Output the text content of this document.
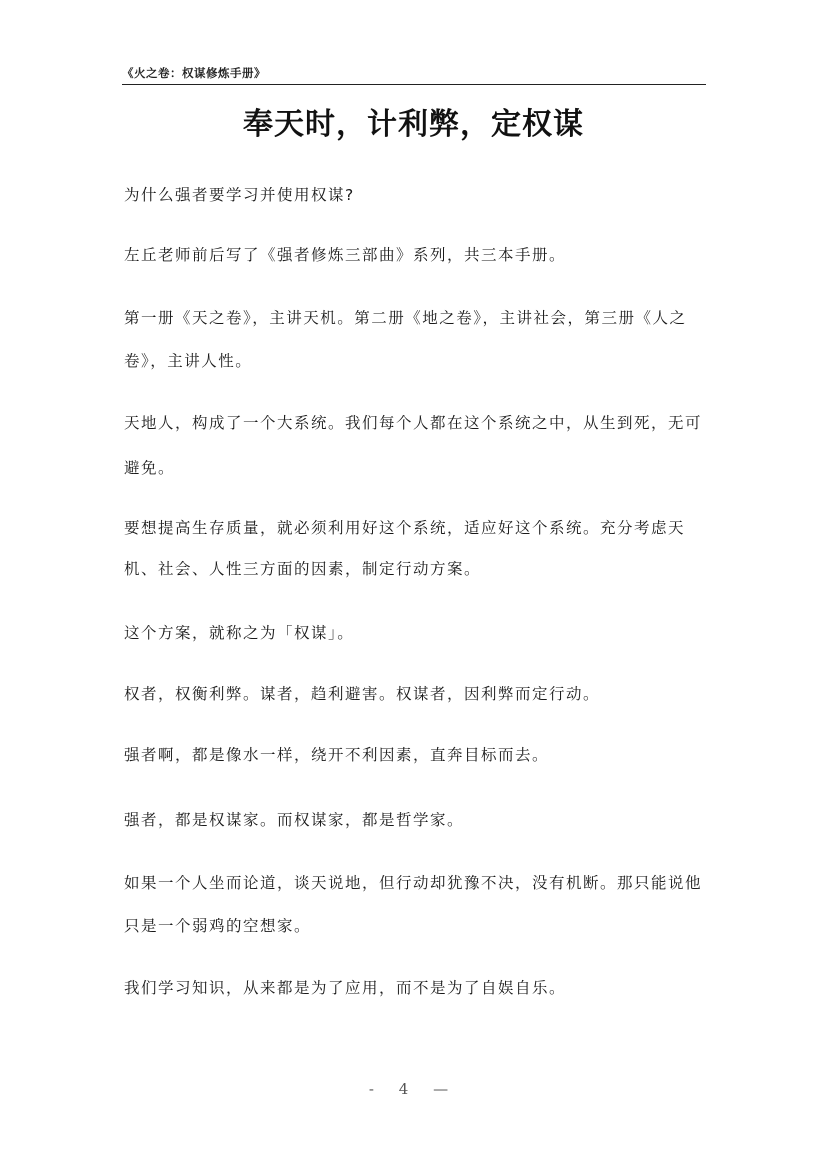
《火之卷：权谋修炼手册》
奉天时，计利弊，定权谋
为什么强者要学习并使用权谋?
左丘老师前后写了《强者修炼三部曲》系列，共三本手册。
第一册《天之卷》，主讲天机。第二册《地之卷》，主讲社会，第三册《人之
卷》，主讲人性。
天地人，构成了一个大系统。我们每个人都在这个系统之中，从生到死，无可
避免。
要想提高生存质量，就必须利用好这个系统，适应好这个系统。充分考虑天
机、社会、人性三方面的因素，制定行动方案。
这个方案，就称之为「权谋」。
权者，权衡利弊。谋者，趋利避害。权谋者，因利弊而定行动。
强者啊，都是像水一样，绕开不利因素，直奔目标而去。
强者，都是权谋家。而权谋家，都是哲学家。
如果一个人坐而论道，谈天说地，但行动却犹豫不决，没有机断。那只能说他
只是一个弱鸡的空想家。
我们学习知识，从来都是为了应用，而不是为了自娱自乐。
- 4 —
